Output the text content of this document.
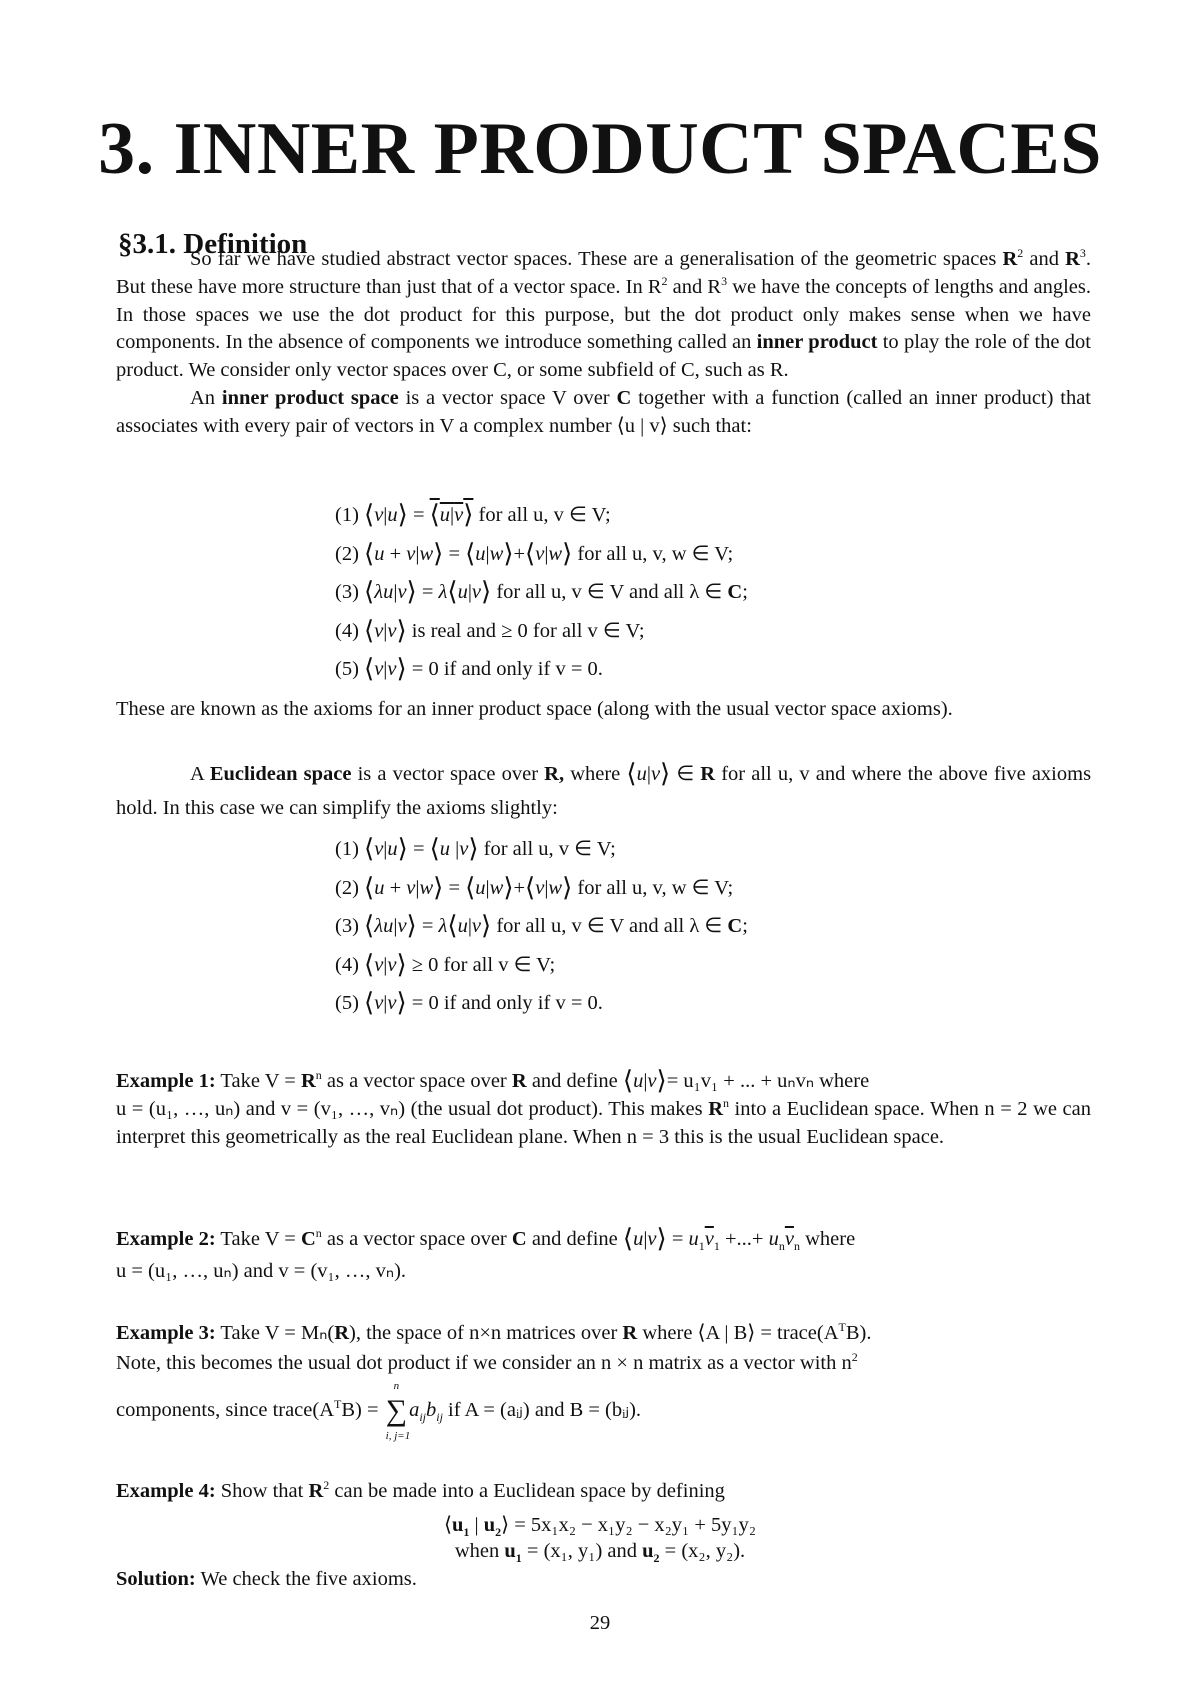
3. INNER PRODUCT SPACES
§3.1. Definition

So far we have studied abstract vector spaces. These are a generalisation of the geometric spaces $R^2$ and $R^3$. But these have more structure than just that of a vector space. In $R^2$ and $R^3$ we have the concepts of lengths and angles. In those spaces we use the dot product for this purpose, but the dot product only makes sense when we have components. In the absence of components we introduce something called an inner product to play the role of the dot product. We consider only vector spaces over C, or some subfield of C, such as R.

An inner product space is a vector space V over C together with a function (called an inner product) that associates with every pair of vectors in V a complex number ⟨u | v⟩ such that:

(1) ⟨v|u⟩ = ⟨u|v⟩ for all u, v ∈ V;
(2) ⟨u + v|w⟩ = ⟨u|w⟩+⟨v|w⟩ for all u, v, w ∈ V;
(3) ⟨λu|v⟩ = λ⟨u|v⟩ for all u, v ∈ V and all λ ∈ C;
(4) ⟨v|v⟩ is real and ≥ 0 for all v ∈ V;
(5) ⟨v|v⟩ = 0 if and only if v = 0.

These are known as the axioms for an inner product space (along with the usual vector space axioms).

A Euclidean space is a vector space over R, where ⟨u|v⟩ ∈ R for all u, v and where the above five axioms hold. In this case we can simplify the axioms slightly:

(1) ⟨v|u⟩ = ⟨u |v⟩ for all u, v ∈ V;
(2) ⟨u + v|w⟩ = ⟨u|w⟩+⟨v|w⟩ for all u, v, w ∈ V;
(3) ⟨λu|v⟩ = λ⟨u|v⟩ for all u, v ∈ V and all λ ∈ C;
(4) ⟨v|v⟩ ≥ 0 for all v ∈ V;
(5) ⟨v|v⟩ = 0 if and only if v = 0.
Example 1: Take $V = R^n$ as a vector space over R and define ⟨u|v⟩= u₁v₁ + ... + uₙvₙ where

u = (u₁, …, uₙ) and v = (v₁, …, vₙ) (the usual dot product). This makes $R^n$ into a Euclidean space. When n = 2 we can interpret this geometrically as the real Euclidean plane. When n = 3 this is the usual Euclidean space.

Example 2: Take $V = C^n$ as a vector space over C and define ⟨u|v⟩ = $u_1\overline{v}_1$ +...+ $u_n\overline{v}_n$ where
u = (u₁, …, uₙ) and v = (v₁, …, vₙ).
Example 3: Take V = Mₙ(R), the space of n×n matrices over R where ⟨A | B⟩ = $trace(A^TB)$.

Note, this becomes the usual dot product if we consider an n × n matrix as a vector with $n^2$

components, since $trace(A^TB)$ = ∑
n
i, j=1
$a_{ij}b_{ij}$ if A = (aᵢⱼ) and B = (bᵢⱼ).
Example 4: Show that $R^2$ can be made into a Euclidean space by defining
$⟨u_1$ | $u_2⟩ = 5x_1x_2 - x_1y_2 - x_2y_1 + 5y_1y_2$
when $u_1 = (x_1$, y₁) and $u_2 = (x_2$, y₂).
Solution: We check the five axioms.
29
